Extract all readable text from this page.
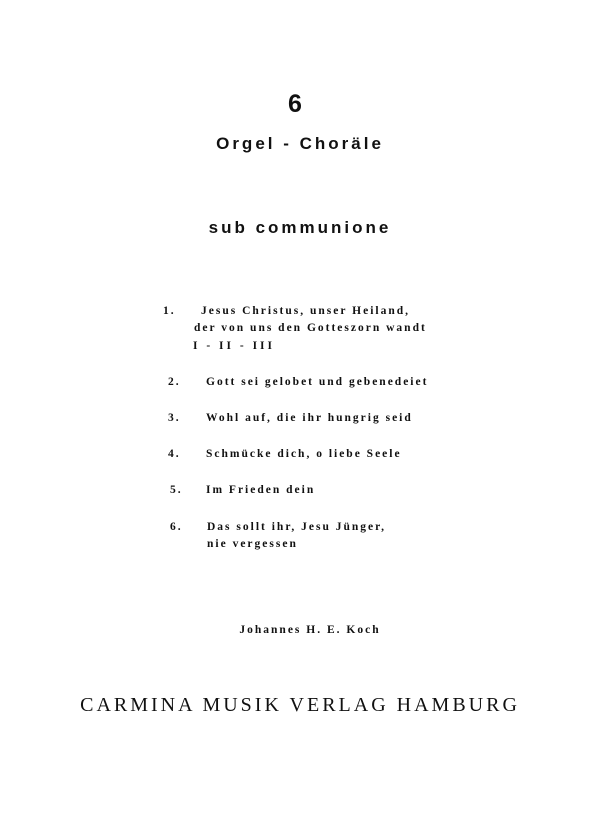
6
Orgel - Choräle
sub communione
1. Jesus Christus, unser Heiland,
der von uns den Gotteszorn wandt
I - II - III
2. Gott sei gelobet und gebenedeiet
3. Wohl auf, die ihr hungrig seid
4. Schmücke dich, o liebe Seele
5. Im Frieden dein
6. Das sollt ihr, Jesu Jünger,
nie vergessen
Johannes H. E. Koch
CARMINA MUSIK VERLAG HAMBURG
